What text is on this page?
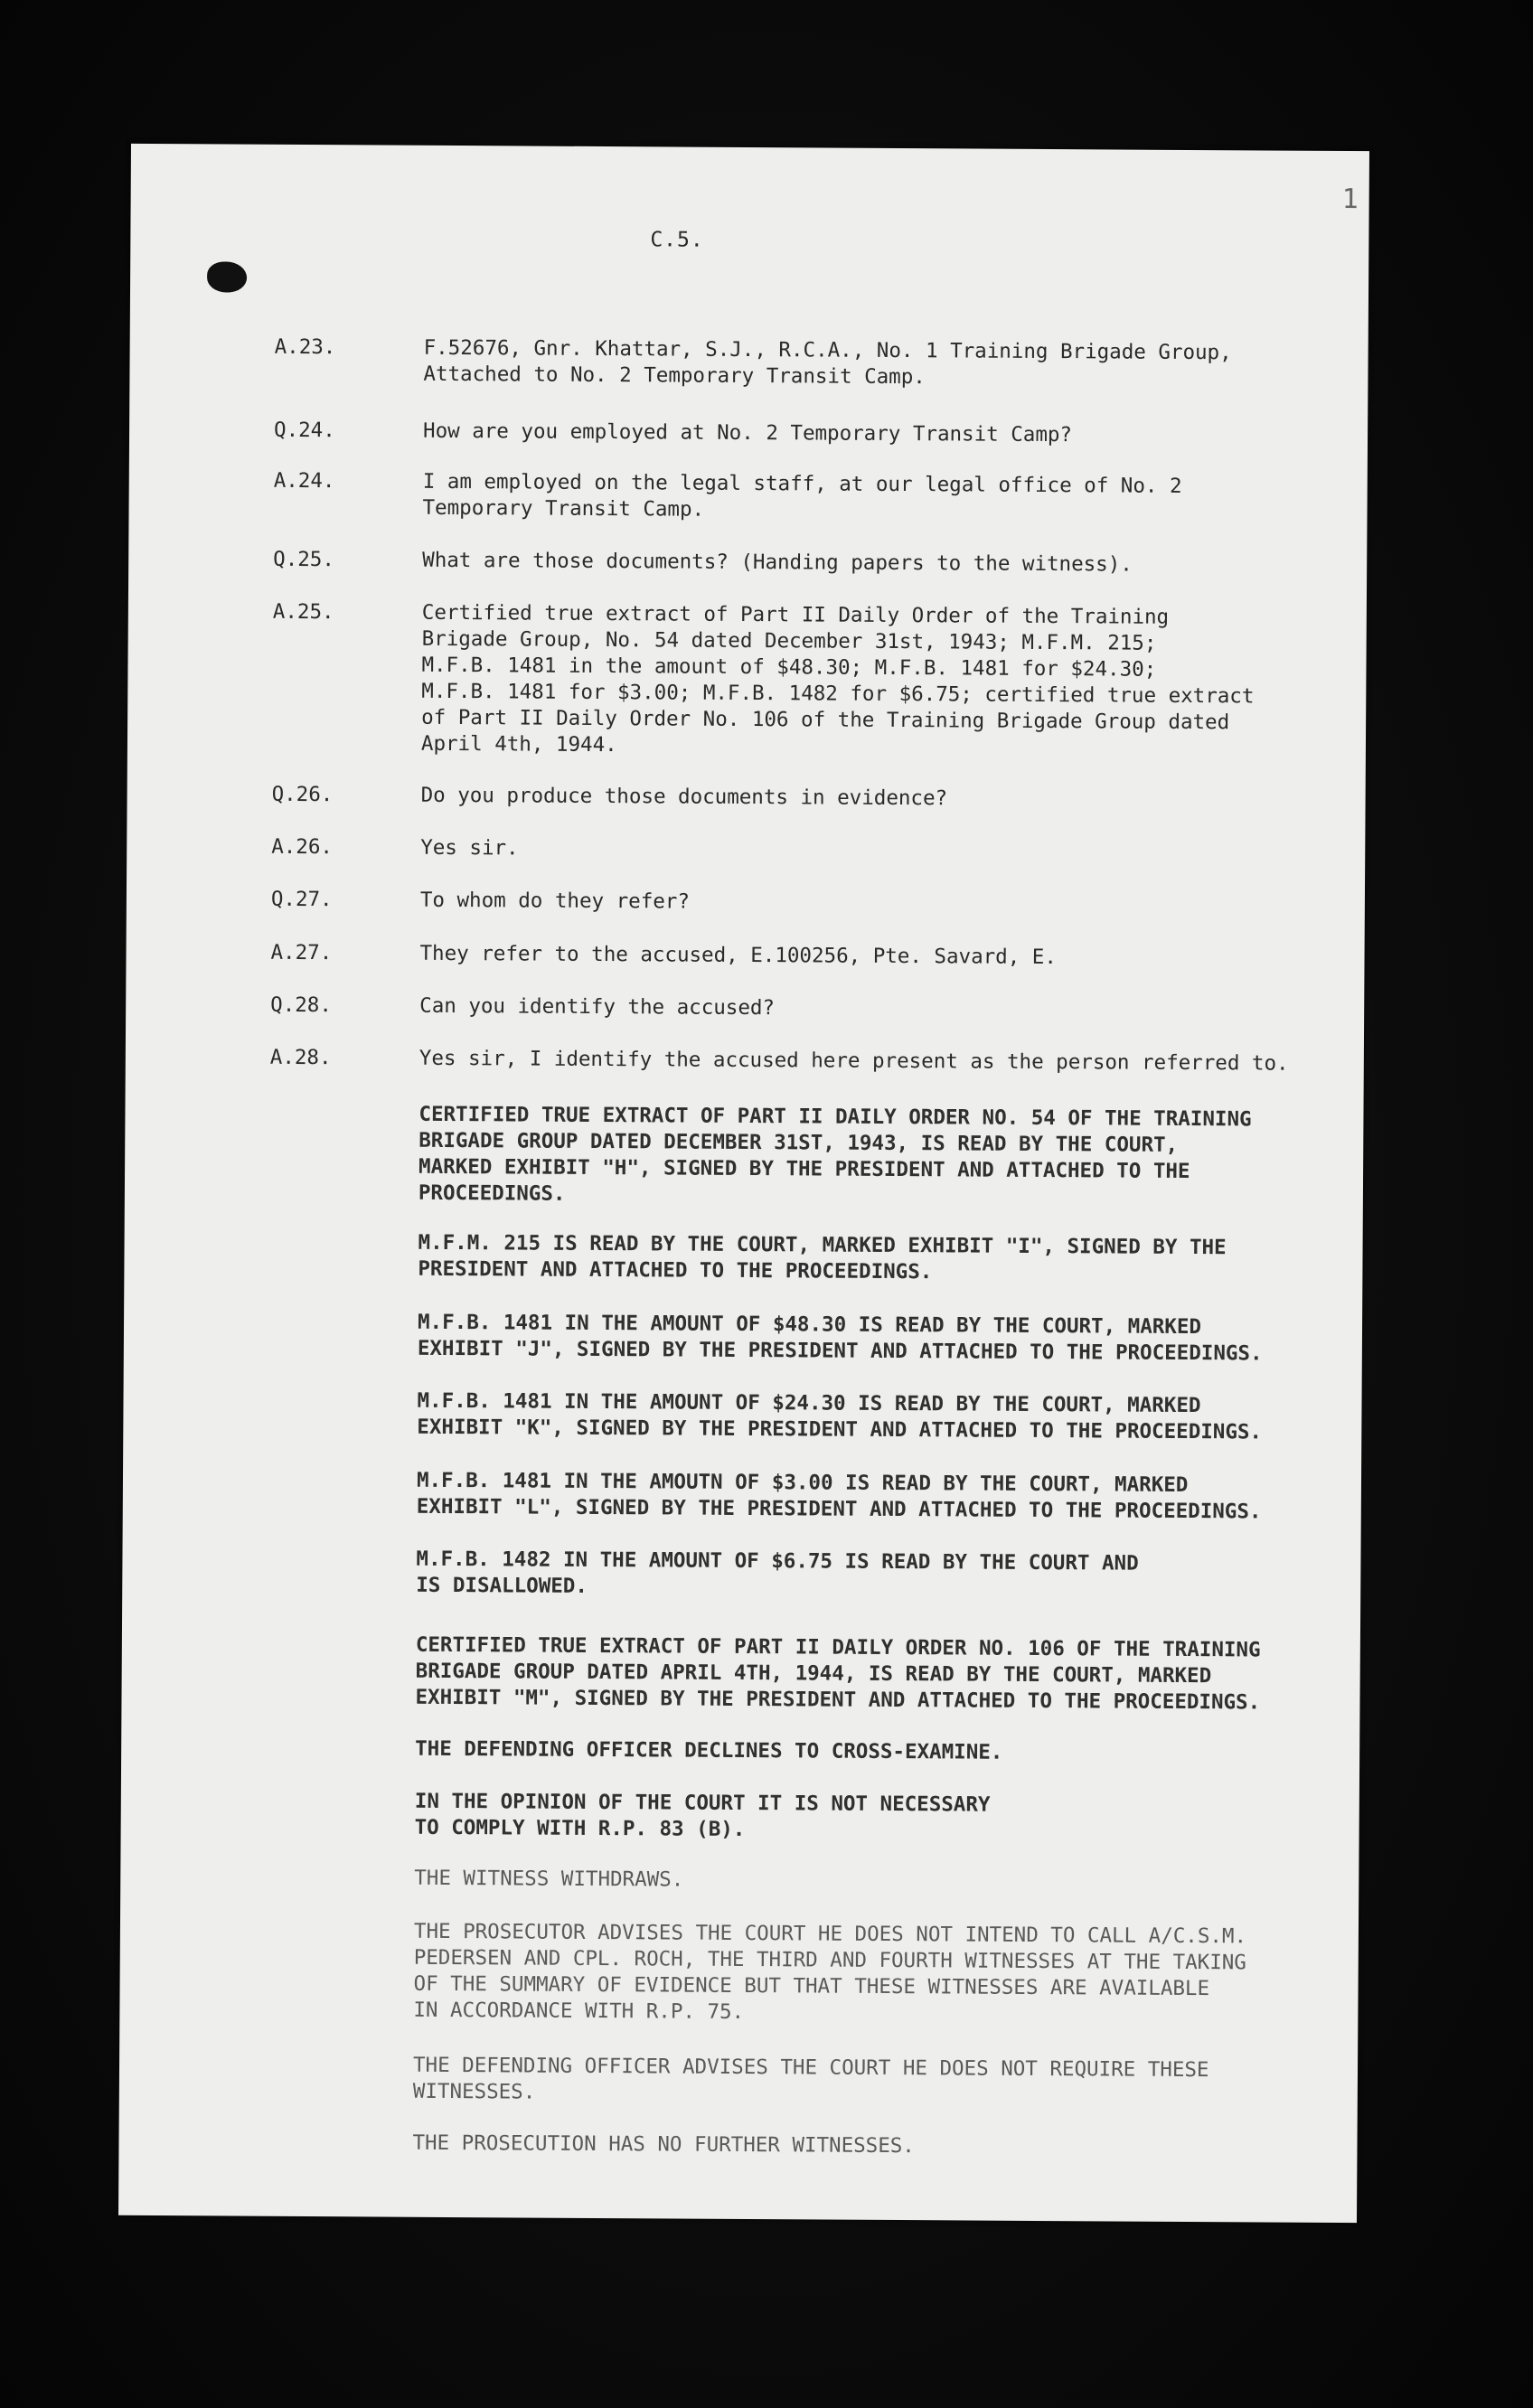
C.5.
1
A.23.	F.52676, Gnr. Khattar, S.J., R.C.A., No. 1 Training Brigade Group,
Attached to No. 2 Temporary Transit Camp.
Q.24.	How are you employed at No. 2 Temporary Transit Camp?
A.24.	I am employed on the legal staff, at our legal office of No. 2
Temporary Transit Camp.
Q.25.	What are those documents? (Handing papers to the witness).
A.25.	Certified true extract of Part II Daily Order of the Training
Brigade Group, No. 54 dated December 31st, 1943; M.F.M. 215;
M.F.B. 1481 in the amount of $48.30; M.F.B. 1481 for $24.30;
M.F.B. 1481 for $3.00; M.F.B. 1482 for $6.75; certified true extract
of Part II Daily Order No. 106 of the Training Brigade Group dated
April 4th, 1944.
Q.26.	Do you produce those documents in evidence?
A.26.	Yes sir.
Q.27.	To whom do they refer?
A.27.	They refer to the accused, E.100256, Pte. Savard, E.
Q.28.	Can you identify the accused?
A.28.	Yes sir, I identify the accused here present as the person referred to.
CERTIFIED TRUE EXTRACT OF PART II DAILY ORDER NO. 54 OF THE TRAINING
BRIGADE GROUP DATED DECEMBER 31ST, 1943, IS READ BY THE COURT,
MARKED EXHIBIT "H", SIGNED BY THE PRESIDENT AND ATTACHED TO THE
PROCEEDINGS.
M.F.M. 215 IS READ BY THE COURT, MARKED EXHIBIT "I", SIGNED BY THE
PRESIDENT AND ATTACHED TO THE PROCEEDINGS.
M.F.B. 1481 IN THE AMOUNT OF $48.30 IS READ BY THE COURT, MARKED
EXHIBIT "J", SIGNED BY THE PRESIDENT AND ATTACHED TO THE PROCEEDINGS.
M.F.B. 1481 IN THE AMOUNT OF $24.30 IS READ BY THE COURT, MARKED
EXHIBIT "K", SIGNED BY THE PRESIDENT AND ATTACHED TO THE PROCEEDINGS.
M.F.B. 1481 IN THE AMOUTN OF $3.00 IS READ BY THE COURT, MARKED
EXHIBIT "L", SIGNED BY THE PRESIDENT AND ATTACHED TO THE PROCEEDINGS.
M.F.B. 1482 IN THE AMOUNT OF $6.75 IS READ BY THE COURT AND
IS DISALLOWED.
CERTIFIED TRUE EXTRACT OF PART II DAILY ORDER NO. 106 OF THE TRAINING
BRIGADE GROUP DATED APRIL 4TH, 1944, IS READ BY THE COURT, MARKED
EXHIBIT "M", SIGNED BY THE PRESIDENT AND ATTACHED TO THE PROCEEDINGS.
THE DEFENDING OFFICER DECLINES TO CROSS-EXAMINE.
IN THE OPINION OF THE COURT IT IS NOT NECESSARY
TO COMPLY WITH R.P. 83 (B).
THE WITNESS WITHDRAWS.
THE PROSECUTOR ADVISES THE COURT HE DOES NOT INTEND TO CALL A/C.S.M.
PEDERSEN AND CPL. ROCH, THE THIRD AND FOURTH WITNESSES AT THE TAKING
OF THE SUMMARY OF EVIDENCE BUT THAT THESE WITNESSES ARE AVAILABLE
IN ACCORDANCE WITH R.P. 75.
THE DEFENDING OFFICER ADVISES THE COURT HE DOES NOT REQUIRE THESE
WITNESSES.
THE PROSECUTION HAS NO FURTHER WITNESSES.
